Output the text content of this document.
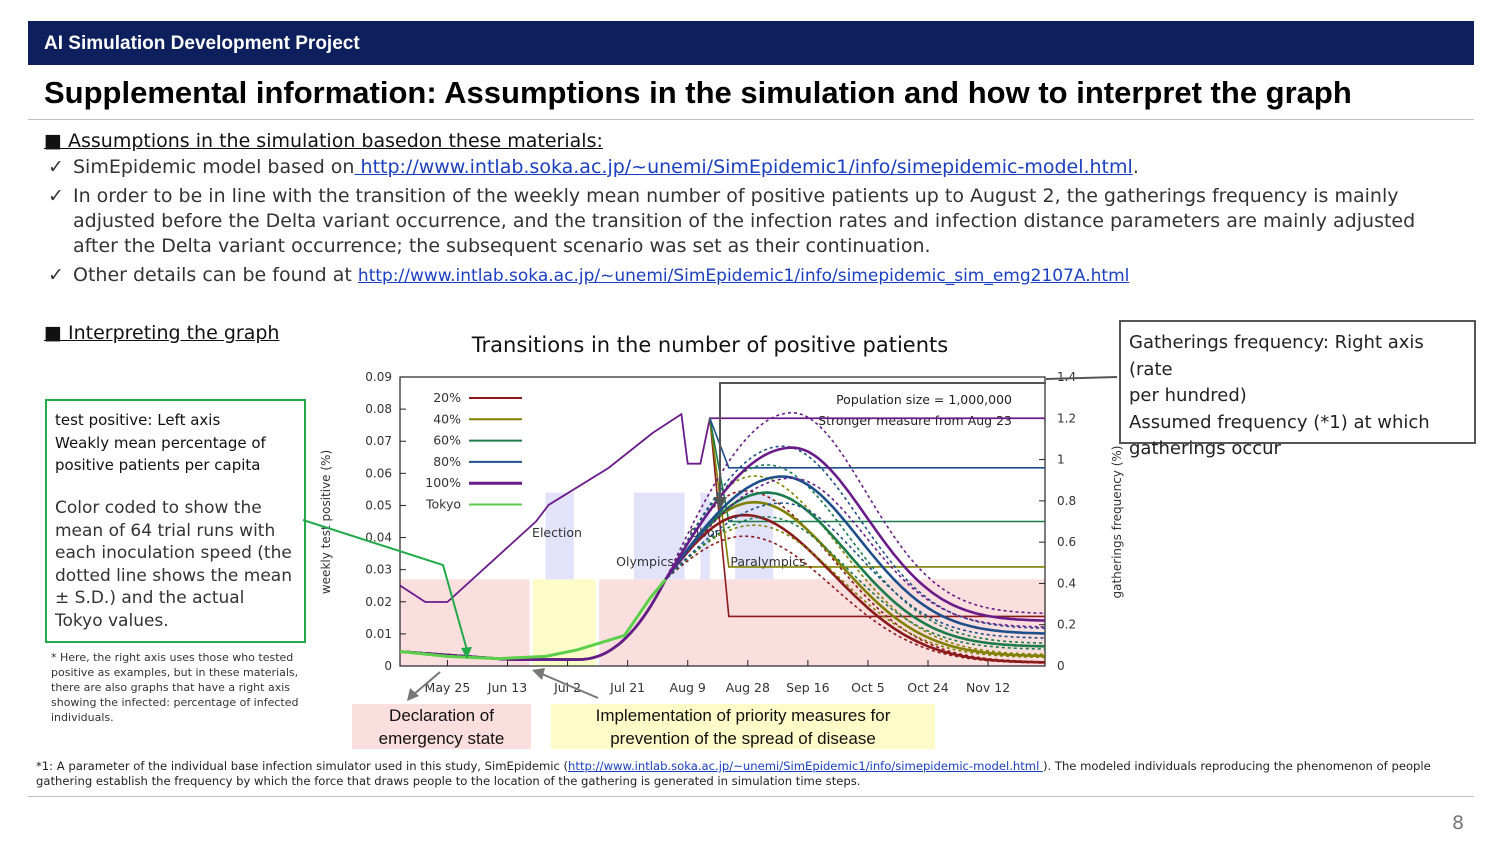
AI Simulation Development Project
Supplemental information: Assumptions in the simulation and how to interpret the graph
■ Assumptions in the simulation basedon these materials:
✓ SimEpidemic model based on http://www.intlab.soka.ac.jp/~unemi/SimEpidemic1/info/simepidemic-model.html.
✓ In order to be in line with the transition of the weekly mean number of positive patients up to August 2, the gatherings frequency is mainly
adjusted before the Delta variant occurrence, and the transition of the infection rates and infection distance parameters are mainly adjusted
after the Delta variant occurrence; the subsequent scenario was set as their continuation.
✓ Other details can be found at http://www.intlab.soka.ac.jp/~unemi/SimEpidemic1/info/simepidemic_sim_emg2107A.html
■ Interpreting the graph	Transitions in the number of positive patients
0
0.01
0.02
0.03
0.04
0.05
0.06
0.07
0.08
0.09
0
0.2
0.4
0.6
0.8
1
1.2
1.4
May 25 Jun 13 Jul 2 Jul 21 Aug 9 Aug 28 Sep 16 Oct 5 Oct 24 Nov 12
weekly test positive (%)	gatherings frequency (%)
Election
Olympics
Obon
Paralympics
Population size = 1,000,000
Stronger measure from Aug 23
20%
40%
60%
80%
100%
Tokyo
test positive: Left axis
Weakly mean percentage of
positive patients per capita
Color coded to show the
mean of 64 trial runs with
each inoculation speed (the
dotted line shows the mean
± S.D.) and the actual
Tokyo values.
* Here, the right axis uses those who tested
positive as examples, but in these materials,
there are also graphs that have a right axis
showing the infected: percentage of infected
individuals.
Gatherings frequency: Right axis (rate
per hundred)
Assumed frequency (*1) at which
gatherings occur
Declaration of
emergency state
Implementation of priority measures for
prevention of the spread of disease
*1: A parameter of the individual base infection simulator used in this study, SimEpidemic (http://www.intlab.soka.ac.jp/~unemi/SimEpidemic1/info/simepidemic-model.html ). The modeled individuals reproducing the phenomenon of people
gathering establish the frequency by which the force that draws people to the location of the gathering is generated in simulation time steps.
8
